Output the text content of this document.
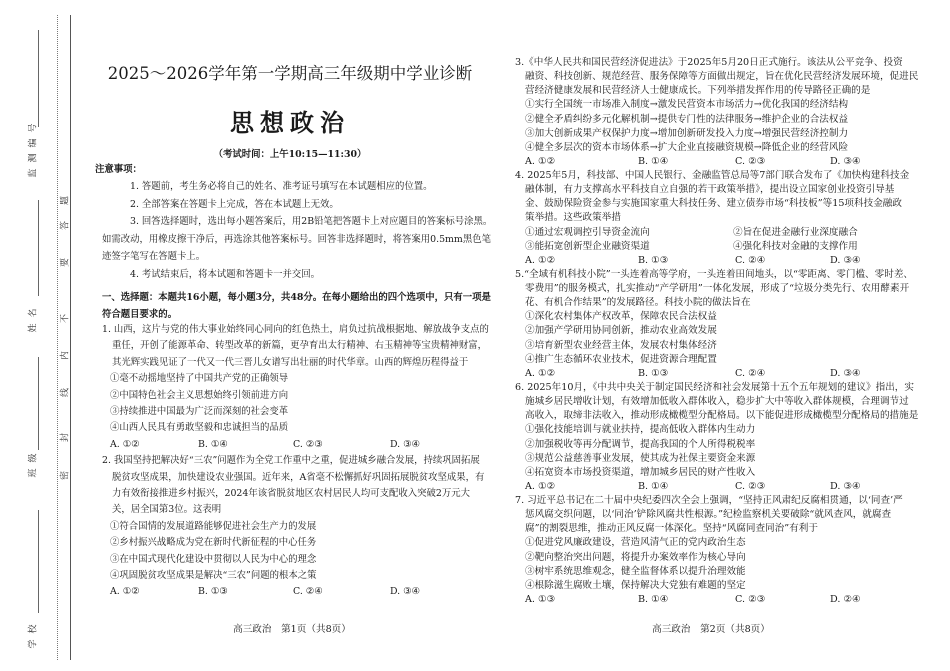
监测编号
姓名
班级
学校
密
封
线
内
不
要
答
题
2025～2026学年第一学期高三年级期中学业诊断
思想政治
（考试时间：上午10:15—11:30）
注意事项：
1. 答题前，考生务必将自己的姓名、准考证号填写在本试题相应的位置。
2. 全部答案在答题卡上完成，答在本试题上无效。
3. 回答选择题时，选出每小题答案后，用2B铅笔把答题卡上对应题目的答案标号涂黑。
如需改动，用橡皮擦干净后，再选涂其他答案标号。回答非选择题时，将答案用0.5mm黑色笔
迹签字笔写在答题卡上。
4. 考试结束后，将本试题和答题卡一并交回。
一、选择题：本题共16小题，每小题3分，共48分。在每小题给出的四个选项中，只有一项是
符合题目要求的。
1. 山西，这片与党的伟大事业始终同心同向的红色热土，肩负过抗战根据地、解放战争支点的
重任，开创了能源革命、转型改革的新篇，更孕育出太行精神、右玉精神等宝贵精神财富，
其光辉实践见证了一代又一代三晋儿女谱写出壮丽的时代华章。山西的辉煌历程得益于
①毫不动摇地坚持了中国共产党的正确领导
②中国特色社会主义思想始终引领前进方向
③持续推进中国最为广泛而深刻的社会变革
④山西人民具有勇敢坚毅和忠诚担当的品质
A. ①②	B. ①④	C. ②③	D. ③④
2. 我国坚持把解决好“三农”问题作为全党工作重中之重，促进城乡融合发展，持续巩固拓展
脱贫攻坚成果，加快建设农业强国。近年来，A省毫不松懈抓好巩固拓展脱贫攻坚成果，有
力有效衔接推进乡村振兴，2024年该省脱贫地区农村居民人均可支配收入突破2万元大
关，居全国第3位。这表明
①符合国情的发展道路能够促进社会生产力的发展
②乡村振兴战略成为党在新时代新征程的中心任务
③在中国式现代化建设中贯彻以人民为中心的理念
④巩固脱贫攻坚成果是解决“三农”问题的根本之策
A. ①②	B. ①③	C. ②④	D. ③④
高三政治　第1页（共8页）
3.《中华人民共和国民营经济促进法》于2025年5月20日正式施行。该法从公平竞争、投资
融资、科技创新、规范经营、服务保障等方面做出规定，旨在优化民营经济发展环境，促进民
营经济健康发展和民营经济人士健康成长。下列举措发挥作用的传导路径正确的是
①实行全国统一市场准入制度→激发民营资本市场活力→优化我国的经济结构
②健全矛盾纠纷多元化解机制→提供专门性的法律服务→维护企业的合法权益
③加大创新成果产权保护力度→增加创新研发投入力度→增强民营经济控制力
④健全多层次的资本市场体系→扩大企业直接融资规模→降低企业的经营风险
A. ①②	B. ①④	C. ②③	D. ③④
4. 2025年5月，科技部、中国人民银行、金融监管总局等7部门联合发布了《加快构建科技金
融体制，有力支撑高水平科技自立自强的若干政策举措》，提出设立国家创业投资引导基
金、鼓励保险资金参与实施国家重大科技任务、建立债券市场“科技板”等15项科技金融政
策举措。这些政策举措
①通过宏观调控引导资金流向	②旨在促进金融行业深度融合
③能拓宽创新型企业融资渠道	④强化科技对金融的支撑作用
A. ①②	B. ①③	C. ②④	D. ③④
5.“全域有机科技小院”一头连着高等学府，一头连着田间地头，以“零距离、零门槛、零时差、
零费用”的服务模式，扎实推动“产学研用”一体化发展，形成了“垃圾分类先行、农用酵素开
花、有机合作结果”的发展路径。科技小院的做法旨在
①深化农村集体产权改革，保障农民合法权益
②加强产学研用协同创新，推动农业高效发展
③培育新型农业经营主体，发展农村集体经济
④推广生态循环农业技术，促进资源合理配置
A. ①②	B. ①③	C. ②④	D. ③④
6. 2025年10月，《中共中央关于制定国民经济和社会发展第十五个五年规划的建议》指出，实
施城乡居民增收计划，有效增加低收入群体收入，稳步扩大中等收入群体规模，合理调节过
高收入，取缔非法收入，推动形成橄榄型分配格局。以下能促进形成橄榄型分配格局的措施是
①强化技能培训与就业扶持，提高低收入群体内生动力
②加强税收等再分配调节，提高我国的个人所得税税率
③规范公益慈善事业发展，使其成为社保主要资金来源
④拓宽资本市场投资渠道，增加城乡居民的财产性收入
A. ①②	B. ①④	C. ②③	D. ③④
7. 习近平总书记在二十届中央纪委四次全会上强调，“坚持正风肃纪反腐相贯通，以‘同查’严
惩风腐交织问题，以‘同治’铲除风腐共性根源。”纪检监察机关要破除“就风查风，就腐查
腐”的割裂思维，推动正风反腐一体深化。坚持“风腐同查同治”有利于
①促进党风廉政建设，营造风清气正的党内政治生态
②靶向整治突出问题，将提升办案效率作为核心导向
③树牢系统思维观念，健全监督体系以提升治理效能
④根除滋生腐败土壤，保持解决大党独有难题的坚定
A. ①③	B. ①④	C. ②③	D. ②④
高三政治　第2页（共8页）
